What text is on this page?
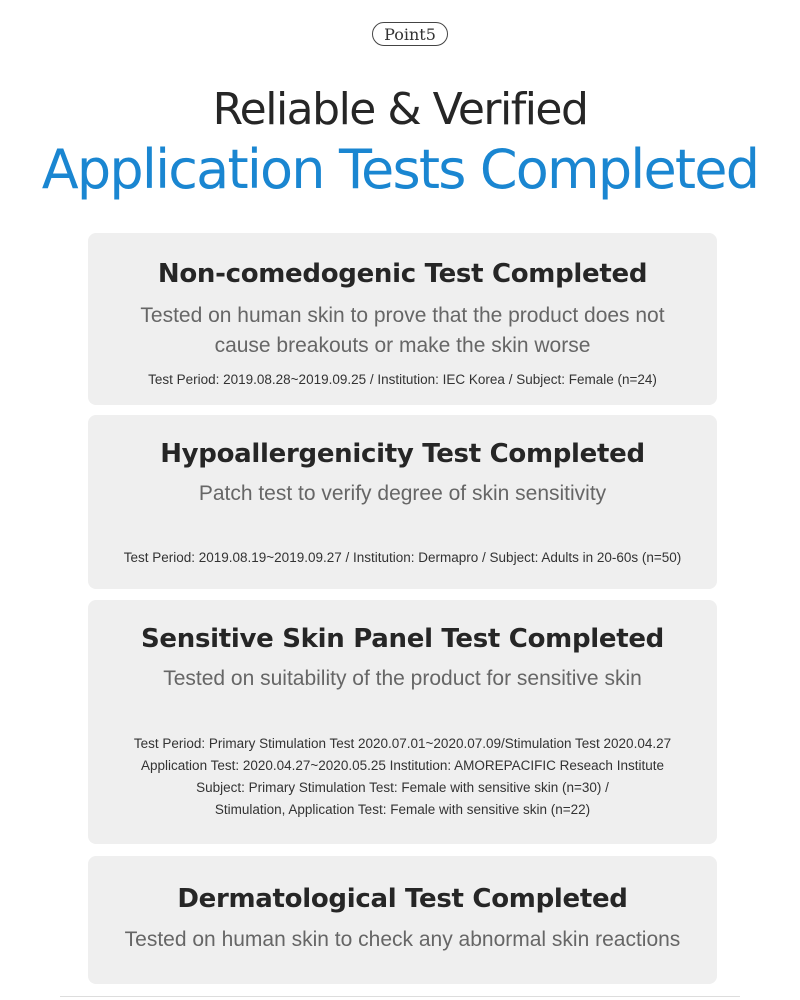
Point5
Reliable & Verified
Application Tests Completed
Non-comedogenic Test Completed
Tested on human skin to prove that the product does not
cause breakouts or make the skin worse
Test Period: 2019.08.28~2019.09.25 / Institution: IEC Korea / Subject: Female (n=24)
Hypoallergenicity Test Completed
Patch test to verify degree of skin sensitivity
Test Period: 2019.08.19~2019.09.27 / Institution: Dermapro / Subject: Adults in 20-60s (n=50)
Sensitive Skin Panel Test Completed
Tested on suitability of the product for sensitive skin
Test Period: Primary Stimulation Test 2020.07.01~2020.07.09/Stimulation Test 2020.04.27
Application Test: 2020.04.27~2020.05.25 Institution: AMOREPACIFIC Reseach Institute
Subject: Primary Stimulation Test: Female with sensitive skin (n=30) /
Stimulation, Application Test: Female with sensitive skin (n=22)
Dermatological Test Completed
Tested on human skin to check any abnormal skin reactions
